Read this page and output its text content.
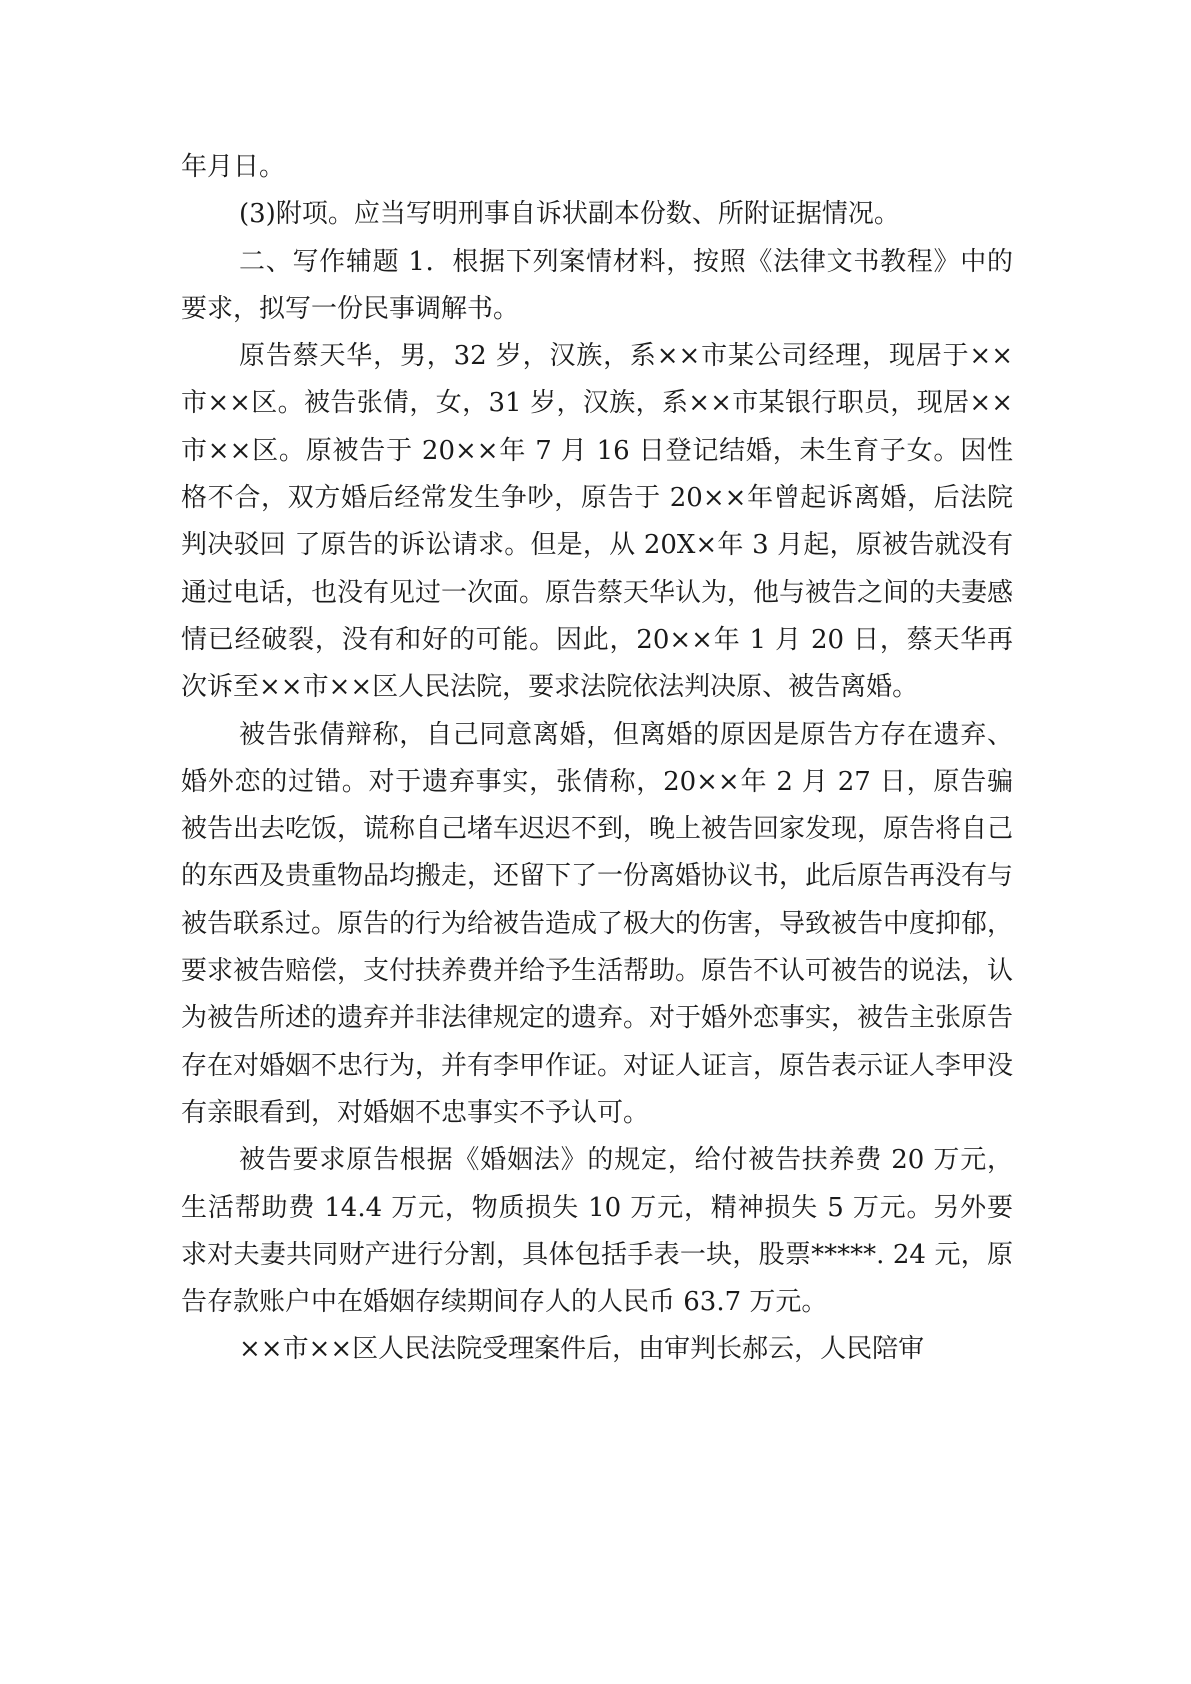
年月日。

(3)附项。应当写明刑事自诉状副本份数、所附证据情况。

二、写作辅题 1．根据下列案情材料，按照《法律文书教程》中的要求，拟写一份民事调解书。

原告蔡天华，男，32 岁，汉族，系××市某公司经理，现居于××市××区。被告张倩，女，31 岁，汉族，系××市某银行职员，现居××市××区。原被告于 20××年 7 月 16 日登记结婚，未生育子女。因性格不合，双方婚后经常发生争吵，原告于 20××年曾起诉离婚，后法院判决驳回 了原告的诉讼请求。但是，从 20X×年 3 月起，原被告就没有通过电话，也没有见过一次面。原告蔡天华认为，他与被告之间的夫妻感情已经破裂，没有和好的可能。因此，20××年 1 月 20 日，蔡天华再次诉至××市××区人民法院，要求法院依法判决原、被告离婚。

被告张倩辩称，自己同意离婚，但离婚的原因是原告方存在遗弃、婚外恋的过错。对于遗弃事实，张倩称，20××年 2 月 27 日，原告骗被告出去吃饭，谎称自己堵车迟迟不到，晚上被告回家发现，原告将自己的东西及贵重物品均搬走，还留下了一份离婚协议书，此后原告再没有与被告联系过。原告的行为给被告造成了极大的伤害，导致被告中度抑郁，要求被告赔偿，支付扶养费并给予生活帮助。原告不认可被告的说法，认为被告所述的遗弃并非法律规定的遗弃。对于婚外恋事实，被告主张原告存在对婚姻不忠行为，并有李甲作证。对证人证言，原告表示证人李甲没有亲眼看到，对婚姻不忠事实不予认可。

被告要求原告根据《婚姻法》的规定，给付被告扶养费 20 万元，生活帮助费 14.4 万元，物质损失 10 万元，精神损失 5 万元。另外要求对夫妻共同财产进行分割，具体包括手表一块，股票*****. 24 元，原告存款账户中在婚姻存续期间存人的人民币 63.7 万元。

××市××区人民法院受理案件后，由审判长郝云，人民陪审
